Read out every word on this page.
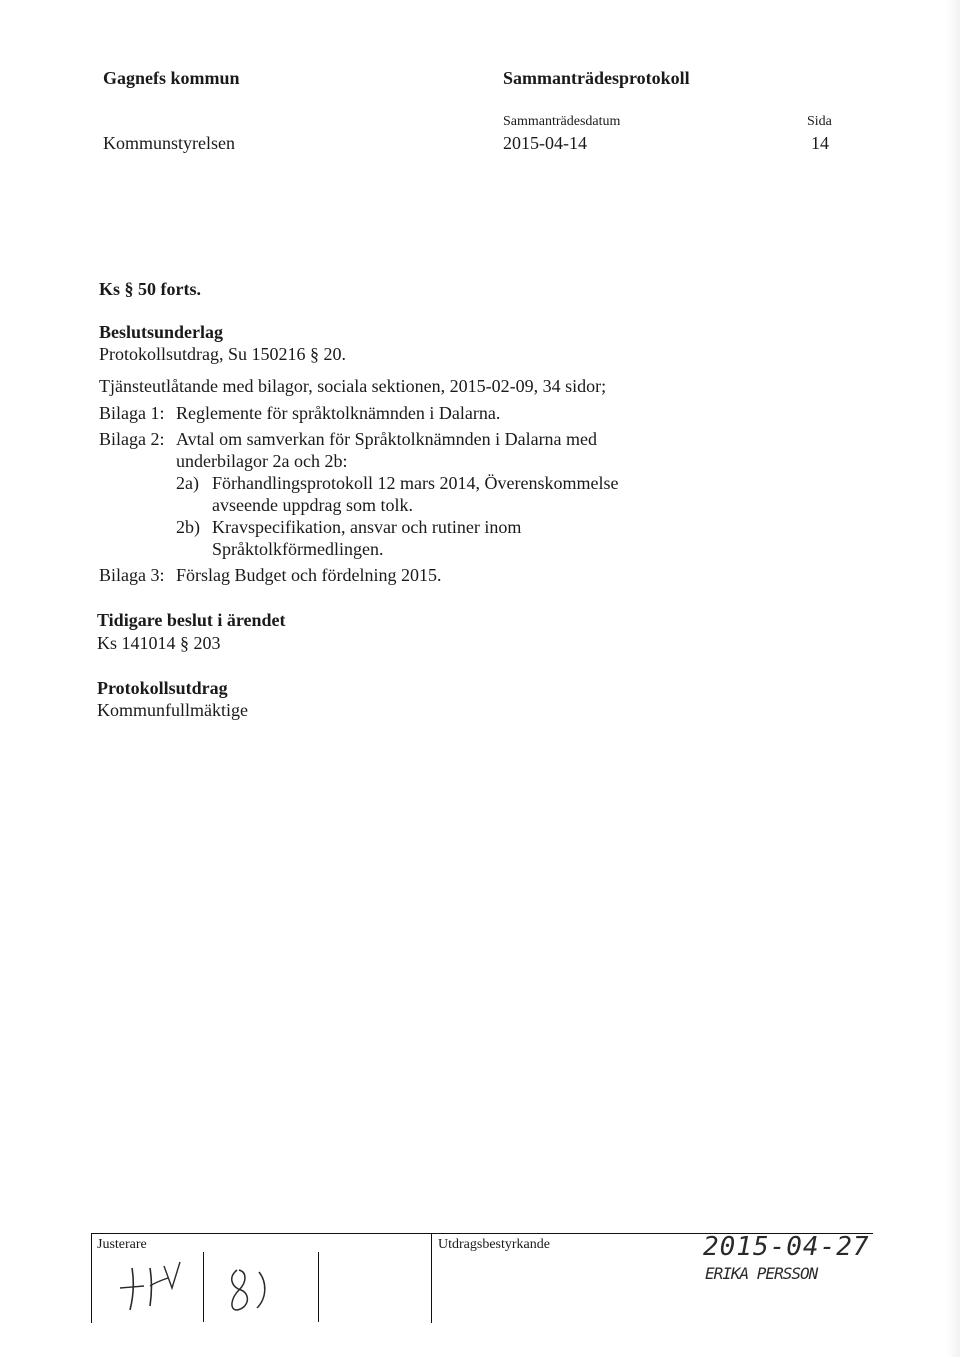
Gagnefs kommun	Sammanträdesprotokoll
Sammanträdesdatum	Sida
Kommunstyrelsen	2015-04-14	14
Ks § 50 forts.
Beslutsunderlag
Protokollsutdrag, Su 150216 § 20.
Tjänsteutlåtande med bilagor, sociala sektionen, 2015-02-09, 34 sidor;
Bilaga 1: Reglemente för språktolknämnden i Dalarna.
Bilaga 2: Avtal om samverkan för Språktolknämnden i Dalarna med
underbilagor 2a och 2b:
2a) Förhandlingsprotokoll 12 mars 2014, Överenskommelse
avseende uppdrag som tolk.
2b) Kravspecifikation, ansvar och rutiner inom
Språktolkförmedlingen.
Bilaga 3: Förslag Budget och fördelning 2015.
Tidigare beslut i ärendet
Ks 141014 § 203
Protokollsutdrag
Kommunfullmäktige
Justerare	Utdragsbestyrkande	2015-04-27
ERIKA PERSSON
